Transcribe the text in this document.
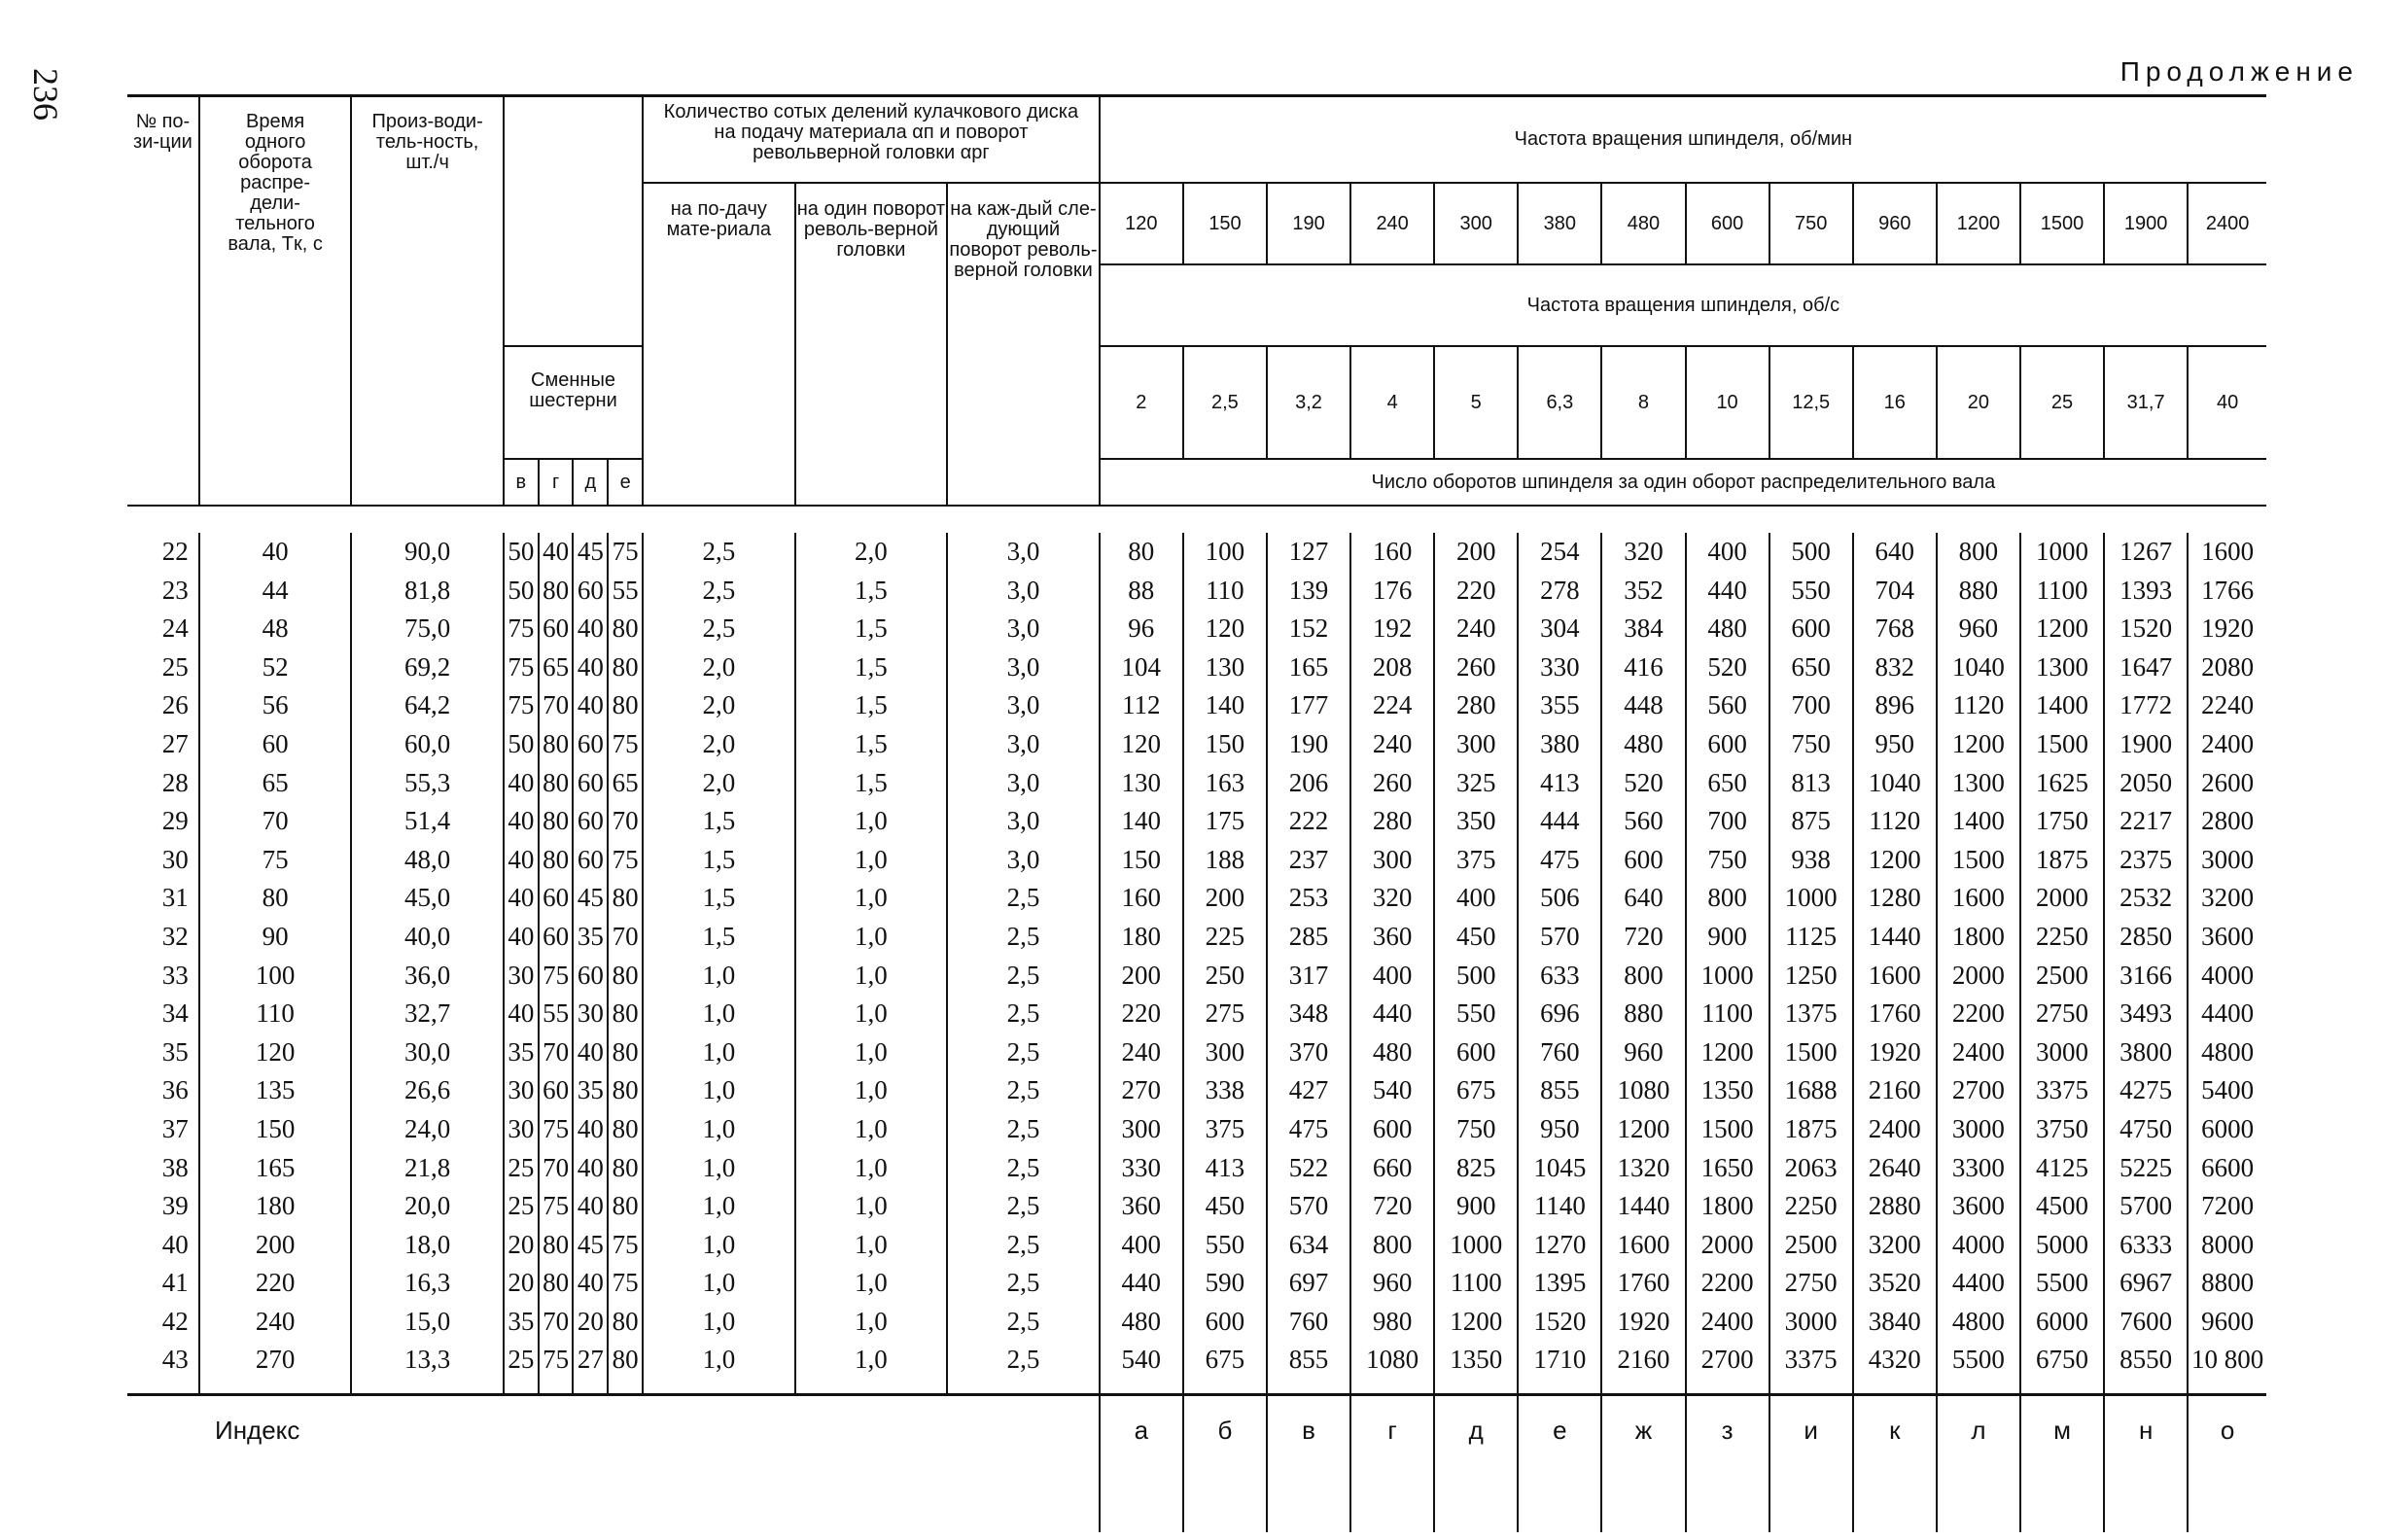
236	Продолжение
№ по-зи-ции	Время одного оборота распре-дели-тельного вала, Tк, с	Произ-води-тель-ность, шт./ч					Количество сотых делений кулачкового диска на подачу материала αп и поворот револьверной головки αрг			Частота вращения шпинделя, об/мин													
							на по-дачу мате-риала	на один поворот револь-верной головки	на каж-дый сле-дующий поворот револь-верной головки	120	150	190	240	300	380	480	600	750	960	1200	1500	1900	2400
										Частота вращения шпинделя, об/с													
			Сменные шестерни							2	2,5	3,2	4	5	6,3	8	10	12,5	16	20	25	31,7	40
			в	г	д	е				Число оборотов шпинделя за один оборот распределительного вала													

22	40	90,0	50	40	45	75	2,5	2,0	3,0	80	100	127	160	200	254	320	400	500	640	800	1000	1267	1600
23	44	81,8	50	80	60	55	2,5	1,5	3,0	88	110	139	176	220	278	352	440	550	704	880	1100	1393	1766
24	48	75,0	75	60	40	80	2,5	1,5	3,0	96	120	152	192	240	304	384	480	600	768	960	1200	1520	1920
25	52	69,2	75	65	40	80	2,0	1,5	3,0	104	130	165	208	260	330	416	520	650	832	1040	1300	1647	2080
26	56	64,2	75	70	40	80	2,0	1,5	3,0	112	140	177	224	280	355	448	560	700	896	1120	1400	1772	2240
27	60	60,0	50	80	60	75	2,0	1,5	3,0	120	150	190	240	300	380	480	600	750	950	1200	1500	1900	2400
28	65	55,3	40	80	60	65	2,0	1,5	3,0	130	163	206	260	325	413	520	650	813	1040	1300	1625	2050	2600
29	70	51,4	40	80	60	70	1,5	1,0	3,0	140	175	222	280	350	444	560	700	875	1120	1400	1750	2217	2800
30	75	48,0	40	80	60	75	1,5	1,0	3,0	150	188	237	300	375	475	600	750	938	1200	1500	1875	2375	3000
31	80	45,0	40	60	45	80	1,5	1,0	2,5	160	200	253	320	400	506	640	800	1000	1280	1600	2000	2532	3200
32	90	40,0	40	60	35	70	1,5	1,0	2,5	180	225	285	360	450	570	720	900	1125	1440	1800	2250	2850	3600
33	100	36,0	30	75	60	80	1,0	1,0	2,5	200	250	317	400	500	633	800	1000	1250	1600	2000	2500	3166	4000
34	110	32,7	40	55	30	80	1,0	1,0	2,5	220	275	348	440	550	696	880	1100	1375	1760	2200	2750	3493	4400
35	120	30,0	35	70	40	80	1,0	1,0	2,5	240	300	370	480	600	760	960	1200	1500	1920	2400	3000	3800	4800
36	135	26,6	30	60	35	80	1,0	1,0	2,5	270	338	427	540	675	855	1080	1350	1688	2160	2700	3375	4275	5400
37	150	24,0	30	75	40	80	1,0	1,0	2,5	300	375	475	600	750	950	1200	1500	1875	2400	3000	3750	4750	6000
38	165	21,8	25	70	40	80	1,0	1,0	2,5	330	413	522	660	825	1045	1320	1650	2063	2640	3300	4125	5225	6600
39	180	20,0	25	75	40	80	1,0	1,0	2,5	360	450	570	720	900	1140	1440	1800	2250	2880	3600	4500	5700	7200
40	200	18,0	20	80	45	75	1,0	1,0	2,5	400	550	634	800	1000	1270	1600	2000	2500	3200	4000	5000	6333	8000
41	220	16,3	20	80	40	75	1,0	1,0	2,5	440	590	697	960	1100	1395	1760	2200	2750	3520	4400	5500	6967	8800
42	240	15,0	35	70	20	80	1,0	1,0	2,5	480	600	760	980	1200	1520	1920	2400	3000	3840	4800	6000	7600	9600
43	270	13,3	25	75	27	80	1,0	1,0	2,5	540	675	855	1080	1350	1710	2160	2700	3375	4320	5500	6750	8550	10 800
Индекс										а	б	в	г	д	е	ж	з	и	к	л	м	н	о
